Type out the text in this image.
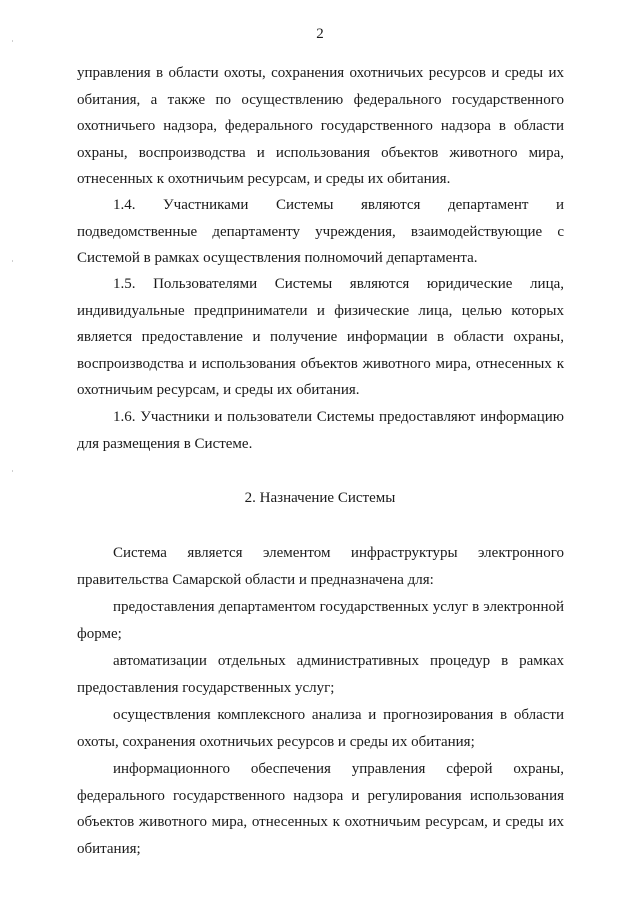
2

управления в области охоты, сохранения охотничьих ресурсов и среды их обитания, а также по осуществлению федерального государственного охотничьего надзора, федерального государственного надзора в области охраны, воспроизводства и использования объектов животного мира, отнесенных к охотничьим ресурсам, и среды их обитания.

1.4. Участниками Системы являются департамент и подведомственные департаменту учреждения, взаимодействующие с Системой в рамках осуществления полномочий департамента.

1.5. Пользователями Системы являются юридические лица, индивидуальные предприниматели и физические лица, целью которых является предоставление и получение информации в области охраны, воспроизводства и использования объектов животного мира, отнесенных к охотничьим ресурсам, и среды их обитания.

1.6. Участники и пользователи Системы предоставляют информацию для размещения в Системе.

2. Назначение Системы

Система является элементом инфраструктуры электронного правительства Самарской области и предназначена для:

предоставления департаментом государственных услуг в электронной форме;

автоматизации отдельных административных процедур в рамках предоставления государственных услуг;

осуществления комплексного анализа и прогнозирования в области охоты, сохранения охотничьих ресурсов и среды их обитания;

информационного обеспечения управления сферой охраны, федерального государственного надзора и регулирования использования объектов животного мира, отнесенных к охотничьим ресурсам, и среды их обитания;
